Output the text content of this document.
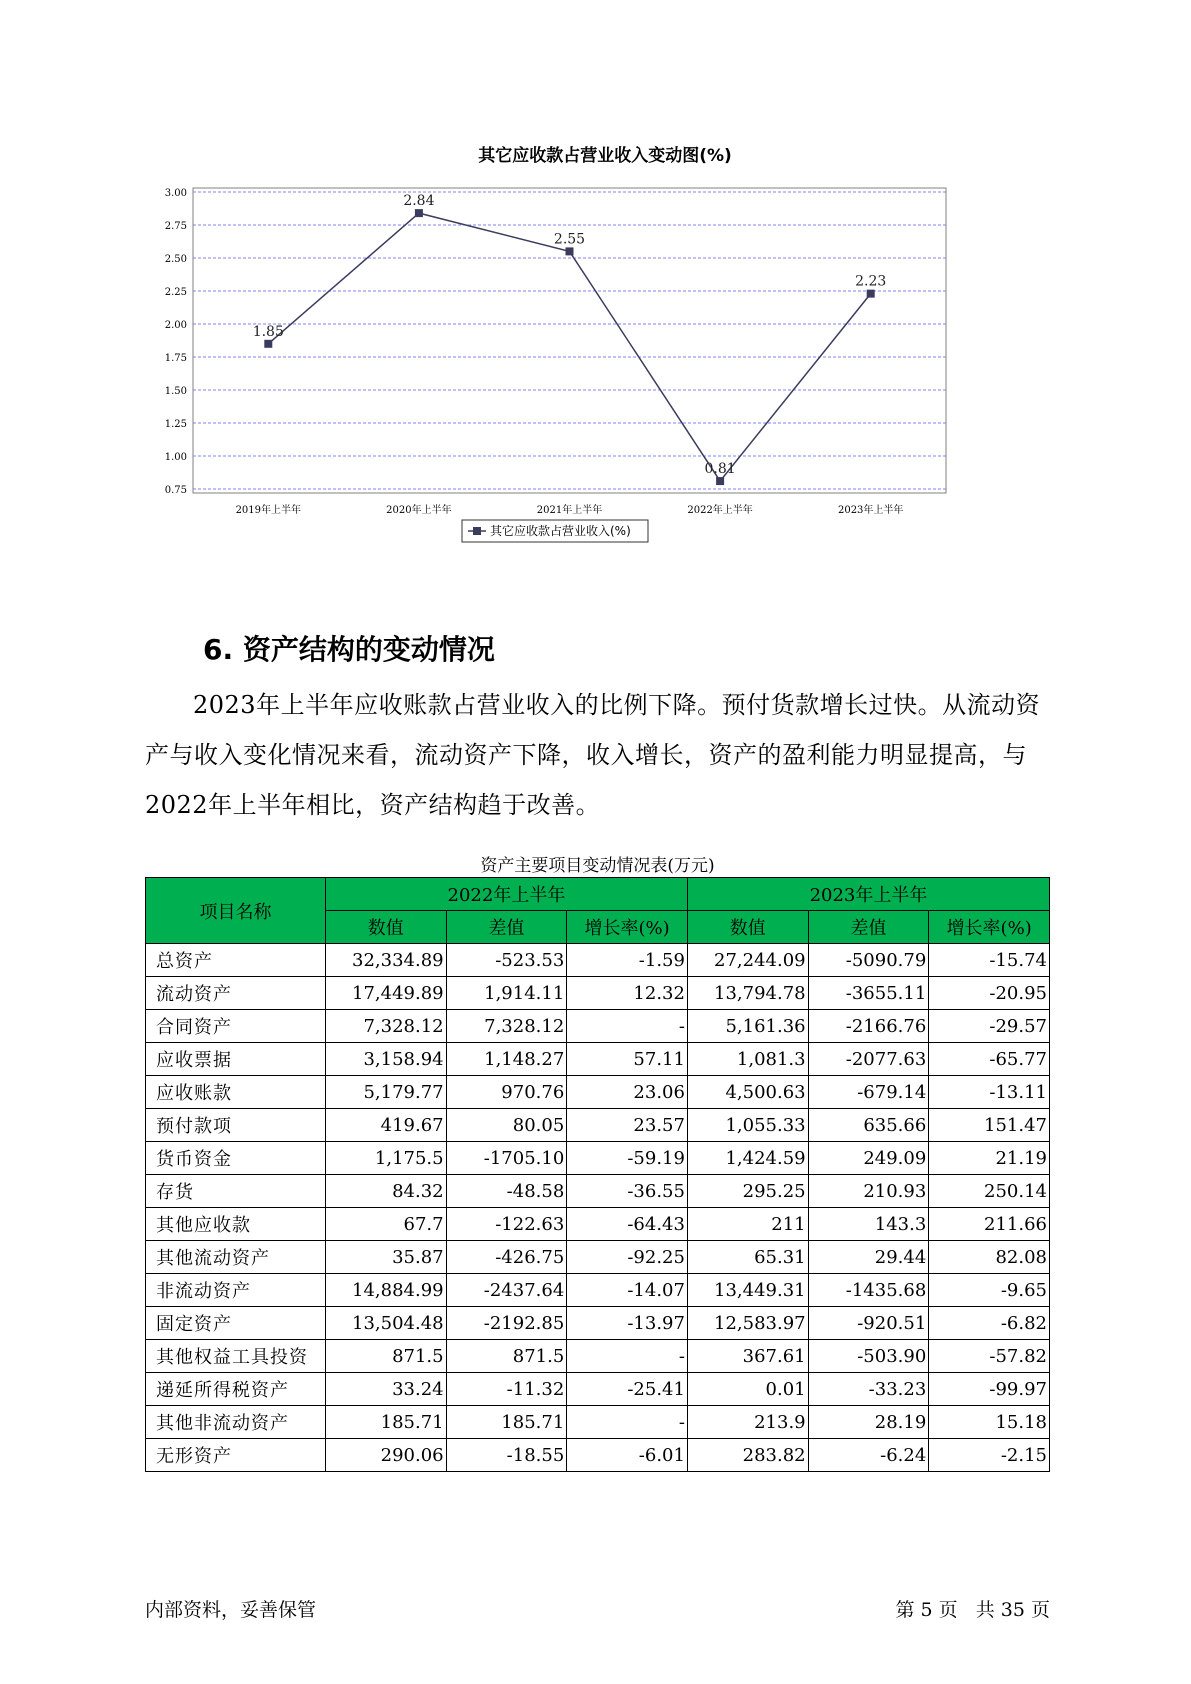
其它应收款占营业收入变动图(%)
3.00
2.75
2.50
2.25
2.00
1.75
1.50
1.25
1.00
0.75
2019年上半年	2020年上半年	2021年上半年	2022年上半年	2023年上半年
1.85
2.84
2.55
0.81
2.23
其它应收款占营业收入(%)
6. 资产结构的变动情况
2023年上半年应收账款占营业收入的比例下降。预付货款增长过快。从流动资产与收入变化情况来看，流动资产下降，收入增长，资产的盈利能力明显提高，与2022年上半年相比，资产结构趋于改善。
资产主要项目变动情况表(万元)
项目名称	2022年上半年			2023年上半年		
	数值	差值	增长率(%)	数值	差值	增长率(%)
总资产	32,334.89	-523.53	-1.59	27,244.09	-5090.79	-15.74
流动资产	17,449.89	1,914.11	12.32	13,794.78	-3655.11	-20.95
合同资产	7,328.12	7,328.12	-	5,161.36	-2166.76	-29.57
应收票据	3,158.94	1,148.27	57.11	1,081.3	-2077.63	-65.77
应收账款	5,179.77	970.76	23.06	4,500.63	-679.14	-13.11
预付款项	419.67	80.05	23.57	1,055.33	635.66	151.47
货币资金	1,175.5	-1705.10	-59.19	1,424.59	249.09	21.19
存货	84.32	-48.58	-36.55	295.25	210.93	250.14
其他应收款	67.7	-122.63	-64.43	211	143.3	211.66
其他流动资产	35.87	-426.75	-92.25	65.31	29.44	82.08
非流动资产	14,884.99	-2437.64	-14.07	13,449.31	-1435.68	-9.65
固定资产	13,504.48	-2192.85	-13.97	12,583.97	-920.51	-6.82
其他权益工具投资	871.5	871.5	-	367.61	-503.90	-57.82
递延所得税资产	33.24	-11.32	-25.41	0.01	-33.23	-99.97
其他非流动资产	185.71	185.71	-	213.9	28.19	15.18
无形资产	290.06	-18.55	-6.01	283.82	-6.24	-2.15
内部资料，妥善保管	第 5 页   共 35 页
